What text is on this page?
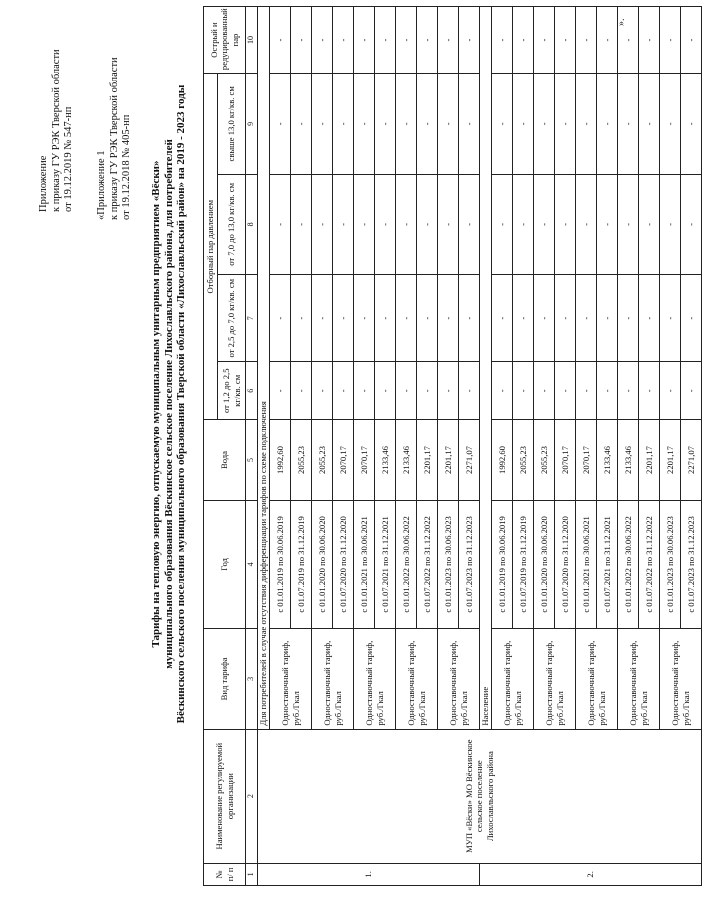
Приложение к приказу ГУ РЭК Тверской области от 19.12.2019 № 547-нп «Приложение 1 к приказу ГУ РЭК Тверской области от 19.12.2018 № 405-нп Тарифы на тепловую энергию, отпускаемую муниципальным унитарным предприятием «Вёски» муниципального образования Вёскинское сельское поселение Лихославльского района, для потребителей Вёскинского сельского поселения муниципального образования Тверской области «Лихославльский район» на 2019 - 2023 годы
№ п/ п	Наименование регулируемой организации	Вид тарифа	Год	Вода	Отборный пар давлением				Острый и редуцированный пар
					от 1,2 до 2,5 кг/кв. см	от 2,5 до 7,0 кг/кв. см	от 7,0 до 13,0 кг/кв. см	свыше 13,0 кг/кв. см	
1	2	3	4	5	6	7	8	9	10
1.	МУП «Вёски» МО Вёскинское сельское поселение Лихославльского района	Для потребителей в случае отсутствия дифференциации тарифов по схеме подключения							
		Одноставочный тариф, руб./Гкал	с 01.01.2019 по 30.06.2019	1992,60	-	-	-	-	-
			с 01.07.2019 по 31.12.2019	2055,23	-	-	-	-	-
		Одноставочный тариф, руб./Гкал	с 01.01.2020 по 30.06.2020	2055,23	-	-	-	-	-
			с 01.07.2020 по 31.12.2020	2070,17	-	-	-	-	-
		Одноставочный тариф, руб./Гкал	с 01.01.2021 по 30.06.2021	2070,17	-	-	-	-	-
			с 01.07.2021 по 31.12.2021	2133,46	-	-	-	-	-
		Одноставочный тариф, руб./Гкал	с 01.01.2022 по 30.06.2022	2133,46	-	-	-	-	-
			с 01.07.2022 по 31.12.2022	2201,17	-	-	-	-	-
		Одноставочный тариф, руб./Гкал	с 01.01.2023 по 30.06.2023	2201,17	-	-	-	-	-
			с 01.07.2023 по 31.12.2023	2271,07	-	-	-	-	-
2.		Население							
		Одноставочный тариф, руб./Гкал	с 01.01.2019 по 30.06.2019	1992,60	-	-	-	-	-
			с 01.07.2019 по 31.12.2019	2055,23	-	-	-	-	-
		Одноставочный тариф, руб./Гкал	с 01.01.2020 по 30.06.2020	2055,23	-	-	-	-	-
			с 01.07.2020 по 31.12.2020	2070,17	-	-	-	-	-
		Одноставочный тариф, руб./Гкал	с 01.01.2021 по 30.06.2021	2070,17	-	-	-	-	-
			с 01.07.2021 по 31.12.2021	2133,46	-	-	-	-	-
		Одноставочный тариф, руб./Гкал	с 01.01.2022 по 30.06.2022	2133,46	-	-	-	-	-
			с 01.07.2022 по 31.12.2022	2201,17	-	-	-	-	-
		Одноставочный тариф, руб./Гкал	с 01.01.2023 по 30.06.2023	2201,17	-	-	-	-	-
			с 01.07.2023 по 31.12.2023	2271,07	-	-	-	-	-
».
